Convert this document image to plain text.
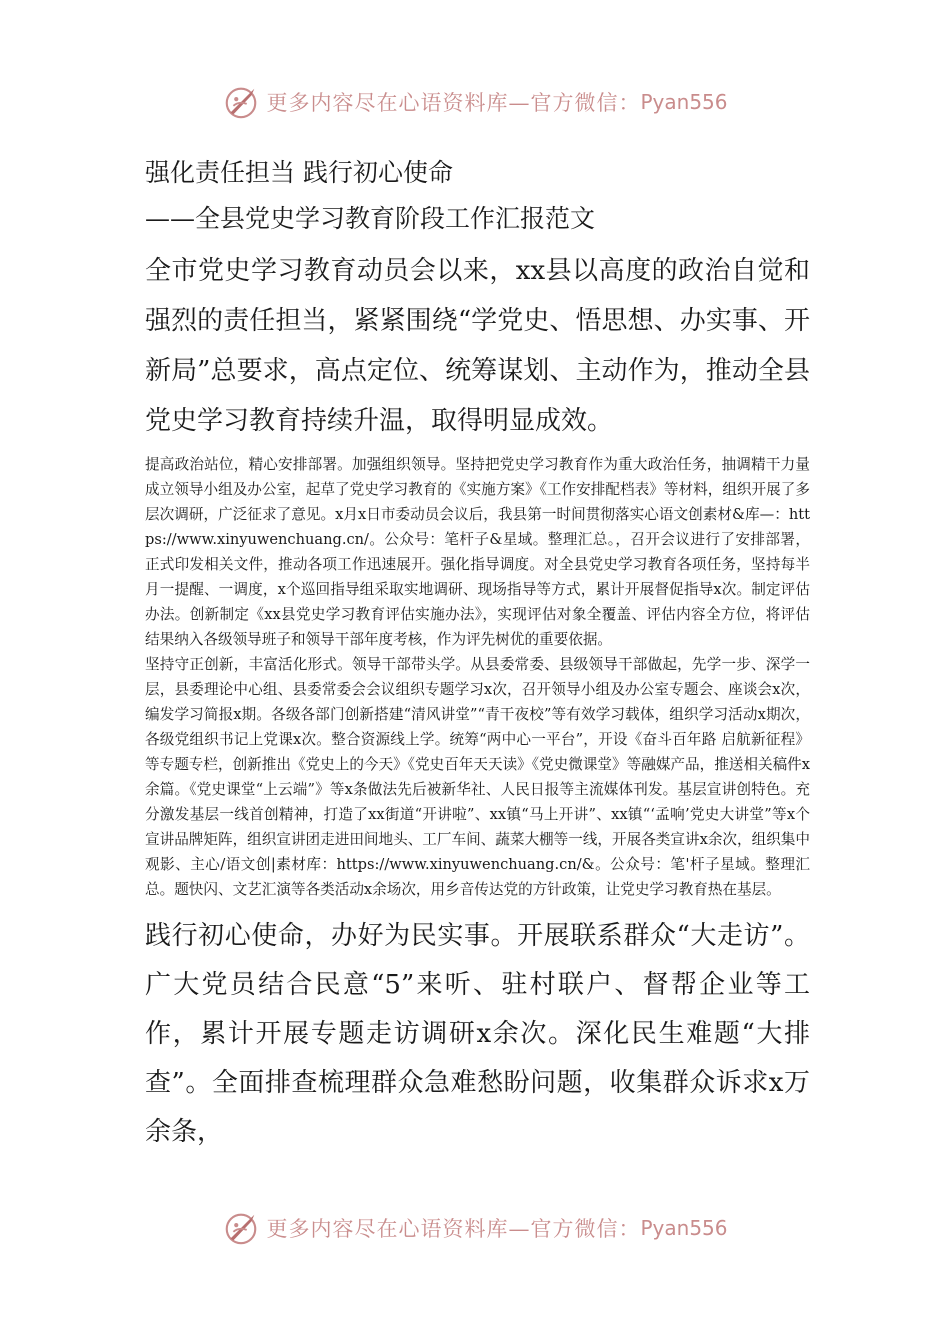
更多内容尽在心语资料库—官方微信： Pyan556
强化责任担当 践行初心使命
——全县党史学习教育阶段工作汇报范文

全市党史学习教育动员会以来，xx县以高度的政治自觉和强烈的责任担当，紧紧围绕“学党史、悟思想、办实事、开新局”总要求，高点定位、统筹谋划、主动作为，推动全县党史学习教育持续升温，取得明显成效。

提高政治站位，精心安排部署。加强组织领导。坚持把党史学习教育作为重大政治任务，抽调精干力量成立领导小组及办公室，起草了党史学习教育的《实施方案》《工作安排配档表》等材料，组织开展了多层次调研，广泛征求了意见。x月x日市委动员会议后，我县第一时间贯彻落实心语文创素材&库—：https://www.xinyuwenchuang.cn/。公众号：笔杆子&星域。整理汇总。，召开会议进行了安排部署，正式印发相关文件，推动各项工作迅速展开。强化指导调度。对全县党史学习教育各项任务，坚持每半月一提醒、一调度，x个巡回指导组采取实地调研、现场指导等方式，累计开展督促指导x次。制定评估办法。创新制定《xx县党史学习教育评估实施办法》，实现评估对象全覆盖、评估内容全方位，将评估结果纳入各级领导班子和领导干部年度考核，作为评先树优的重要依据。

坚持守正创新，丰富活化形式。领导干部带头学。从县委常委、县级领导干部做起，先学一步、深学一层，县委理论中心组、县委常委会会议组织专题学习x次，召开领导小组及办公室专题会、座谈会x次，编发学习简报x期。各级各部门创新搭建“清风讲堂”“青干夜校”等有效学习载体，组织学习活动x期次，各级党组织书记上党课x次。整合资源线上学。统筹“两中心一平台”，开设《奋斗百年路 启航新征程》等专题专栏，创新推出《党史上的今天》《党史百年天天读》《党史微课堂》等融媒产品，推送相关稿件x余篇。《党史课堂“上云端”》等x条做法先后被新华社、人民日报等主流媒体刊发。基层宣讲创特色。充分激发基层一线首创精神，打造了xx街道“开讲啦”、xx镇“马上开讲”、xx镇“‘孟响’党史大讲堂”等x个宣讲品牌矩阵，组织宣讲团走进田间地头、工厂车间、蔬菜大棚等一线，开展各类宣讲x余次，组织集中观影、主心/语文创|素材库：https://www.xinyuwenchuang.cn/&。公众号：笔'杆子星域。整理汇总。题快闪、文艺汇演等各类活动x余场次，用乡音传达党的方针政策，让党史学习教育热在基层。

践行初心使命，办好为民实事。开展联系群众“大走访”。广大党员结合民意“5”来听、驻村联户、督帮企业等工作，累计开展专题走访调研x余次。深化民生难题“大排查”。全面排查梳理群众急难愁盼问题，收集群众诉求x万余条，

更多内容尽在心语资料库—官方微信： Pyan556
